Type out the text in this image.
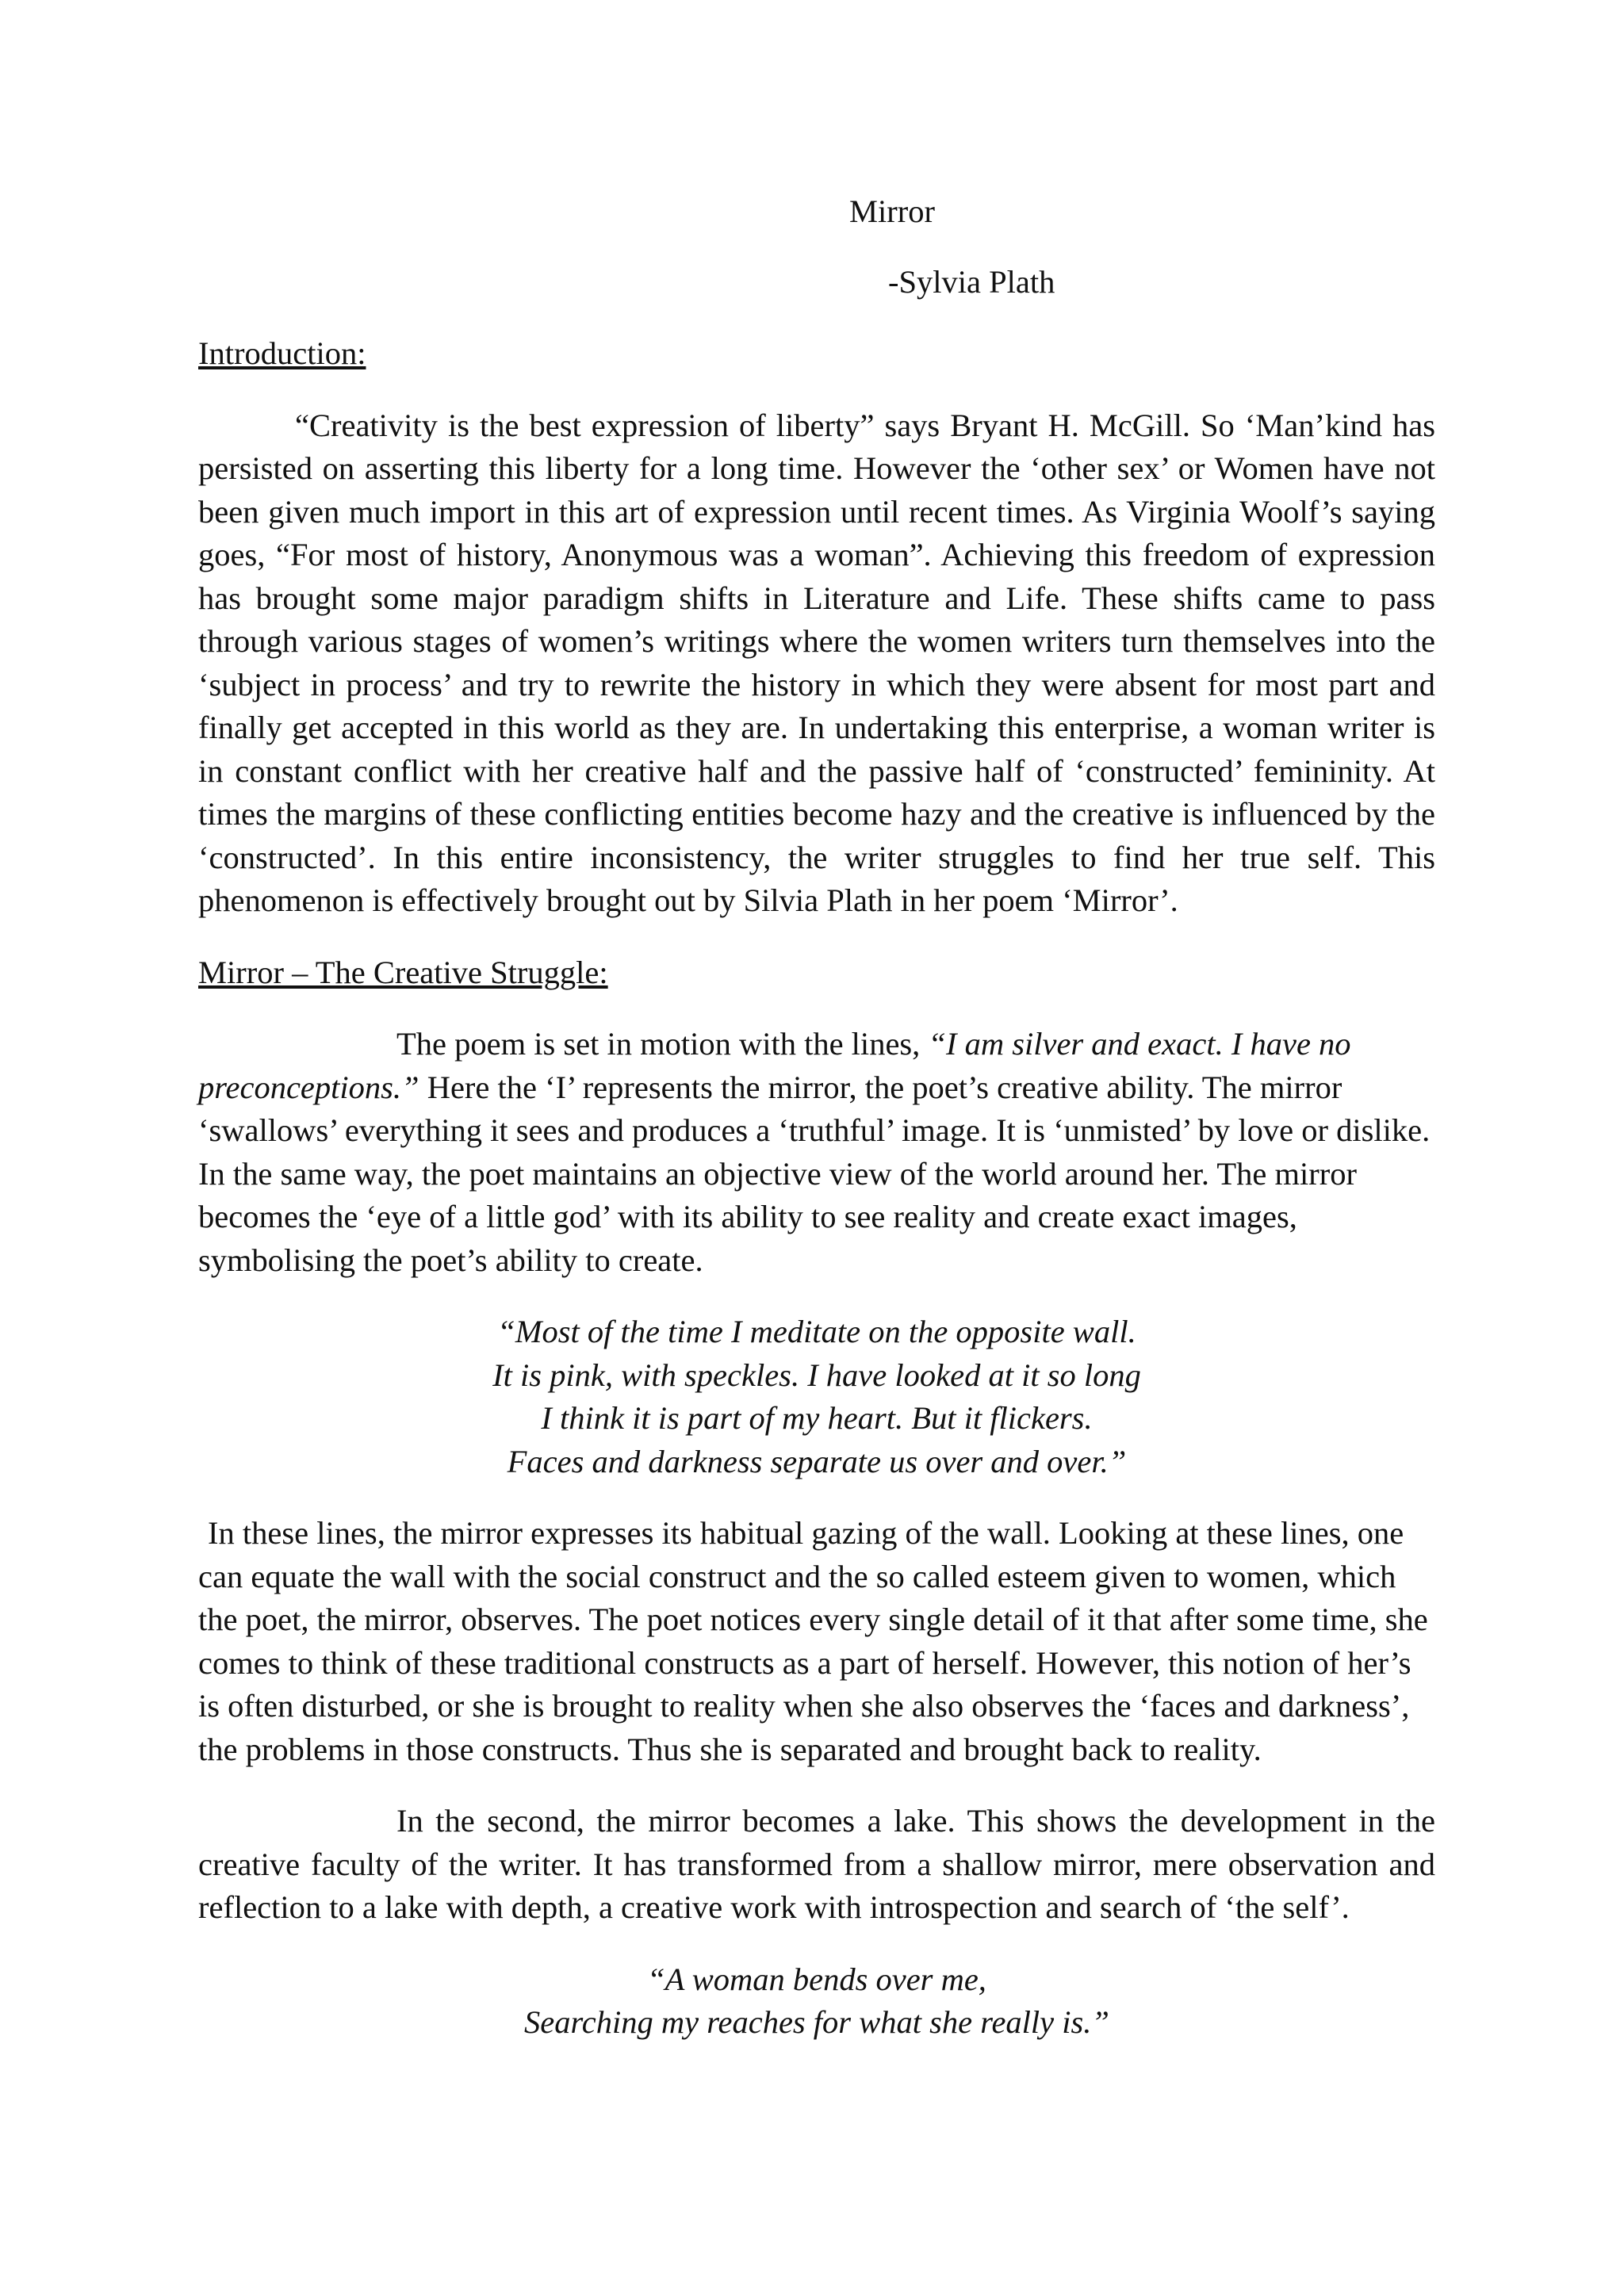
Mirror
-Sylvia Plath
Introduction:

“Creativity is the best expression of liberty” says Bryant H. McGill. So ‘Man’kind has persisted on asserting this liberty for a long time. However the ‘other sex’ or Women have not been given much import in this art of expression until recent times. As Virginia Woolf’s saying goes, “For most of history, Anonymous was a woman”. Achieving this freedom of expression has brought some major paradigm shifts in Literature and Life. These shifts came to pass through various stages of women’s writings where the women writers turn themselves into the ‘subject in process’ and try to rewrite the history in which they were absent for most part and finally get accepted in this world as they are. In undertaking this enterprise, a woman writer is in constant conflict with her creative half and the passive half of ‘constructed’ femininity. At times the margins of these conflicting entities become hazy and the creative is influenced by the ‘constructed’. In this entire inconsistency, the writer struggles to find her true self. This phenomenon is effectively brought out by Silvia Plath in her poem ‘Mirror’.

Mirror – The Creative Struggle:

The poem is set in motion with the lines, “I am silver and exact. I have no preconceptions.” Here the ‘I’ represents the mirror, the poet’s creative ability. The mirror ‘swallows’ everything it sees and produces a ‘truthful’ image. It is ‘unmisted’ by love or dislike. In the same way, the poet maintains an objective view of the world around her. The mirror becomes the ‘eye of a little god’ with its ability to see reality and create exact images, symbolising the poet’s ability to create.

“Most of the time I meditate on the opposite wall.
It is pink, with speckles. I have looked at it so long
I think it is part of my heart. But it flickers.
Faces and darkness separate us over and over.”

In these lines, the mirror expresses its habitual gazing of the wall. Looking at these lines, one can equate the wall with the social construct and the so called esteem given to women, which the poet, the mirror, observes. The poet notices every single detail of it that after some time, she comes to think of these traditional constructs as a part of herself. However, this notion of her’s is often disturbed, or she is brought to reality when she also observes the ‘faces and darkness’, the problems in those constructs. Thus she is separated and brought back to reality.

In the second, the mirror becomes a lake. This shows the development in the creative faculty of the writer. It has transformed from a shallow mirror, mere observation and reflection to a lake with depth, a creative work with introspection and search of ‘the self’.

“A woman bends over me,
Searching my reaches for what she really is.”
